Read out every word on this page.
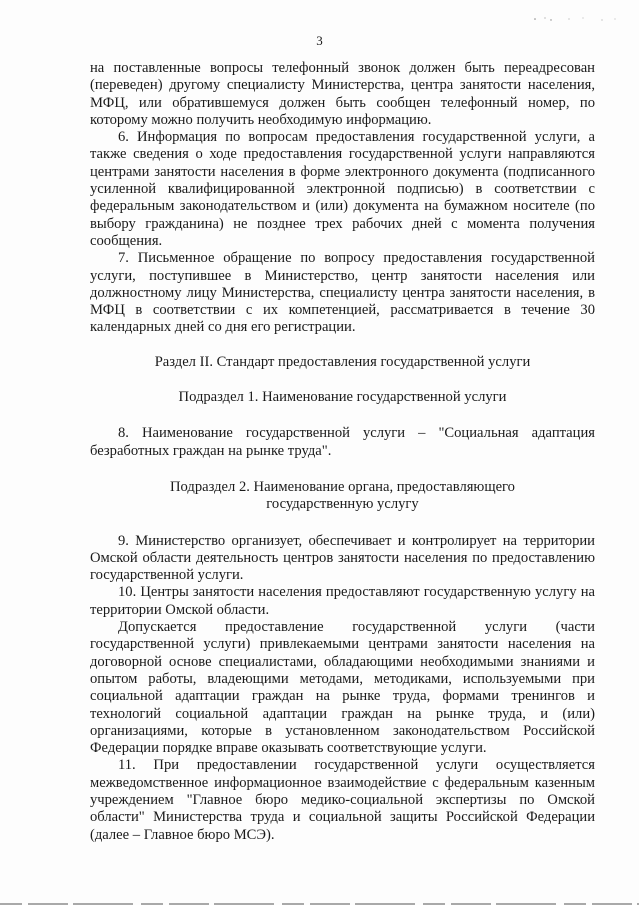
3

на поставленные вопросы телефонный звонок должен быть переадресован (переведен) другому специалисту Министерства, центра занятости населения, МФЦ, или обратившемуся должен быть сообщен телефонный номер, по которому можно получить необходимую информацию.

6. Информация по вопросам предоставления государственной услуги, а также сведения о ходе предоставления государственной услуги направляются центрами занятости населения в форме электронного документа (подписанного усиленной квалифицированной электронной подписью) в соответствии с федеральным законодательством и (или) документа на бумажном носителе (по выбору гражданина) не позднее трех рабочих дней с момента получения сообщения.

7. Письменное обращение по вопросу предоставления государственной услуги, поступившее в Министерство, центр занятости населения или должностному лицу Министерства, специалисту центра занятости населения, в МФЦ в соответствии с их компетенцией, рассматривается в течение 30 календарных дней со дня его регистрации.

Раздел II. Стандарт предоставления государственной услуги

Подраздел 1. Наименование государственной услуги

8. Наименование государственной услуги – "Социальная адаптация безработных граждан на рынке труда".

Подраздел 2. Наименование органа, предоставляющего

государственную услугу

9. Министерство организует, обеспечивает и контролирует на территории Омской области деятельность центров занятости населения по предоставлению государственной услуги.

10. Центры занятости населения предоставляют государственную услугу на территории Омской области.

Допускается предоставление государственной услуги (части государственной услуги) привлекаемыми центрами занятости населения на договорной основе специалистами, обладающими необходимыми знаниями и опытом работы, владеющими методами, методиками, используемыми при социальной адаптации граждан на рынке труда, формами тренингов и технологий социальной адаптации граждан на рынке труда, и (или) организациями, которые в установленном законодательством Российской Федерации порядке вправе оказывать соответствующие услуги.

11. При предоставлении государственной услуги осуществляется межведомственное информационное взаимодействие с федеральным казенным учреждением "Главное бюро медико-социальной экспертизы по Омской области" Министерства труда и социальной защиты Российской Федерации (далее – Главное бюро МСЭ).
